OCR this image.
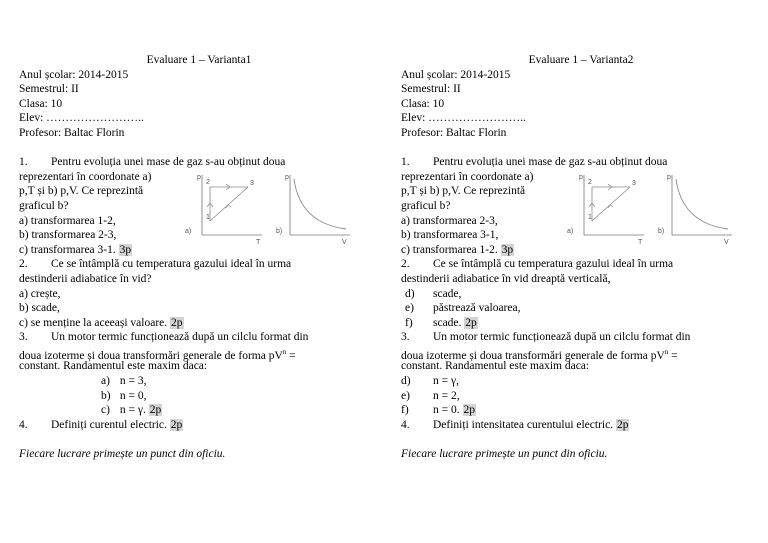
Evaluare 1 – Varianta1
Anul școlar: 2014-2015
Semestrul: II
Clasa: 10
Elev: ……………………..
Profesor: Baltac Florin
1. Pentru evoluția unei mase de gaz s-au obținut doua
reprezentari în coordonate a)
p,T și b) p,V. Ce reprezintă
graficul b?
a) transformarea 1-2,
b) transformarea 2-3,
c) transformarea 3-1. 3p
2. Ce se întâmplă cu temperatura gazului ideal în urma
destinderii adiabatice în vid?
a) crește,
b) scade,
c) se menține la aceeași valoare. 2p
3. Un motor termic funcționează după un cilclu format din
doua izoterme și doua transformări generale de forma $pV^n$ =
constant. Randamentul este maxim daca:
a) n = 3,
b) n = 0,
c) n = γ. 2p
4. Definiți curentul electric. 2p
Fiecare lucrare primește un punct din oficiu.
Evaluare 1 – Varianta2
Anul școlar: 2014-2015
Semestrul: II
Clasa: 10
Elev: ……………………..
Profesor: Baltac Florin
1. Pentru evoluția unei mase de gaz s-au obținut doua
reprezentari în coordonate a)
p,T și b) p,V. Ce reprezintă
graficul b?
a) transformarea 2-3,
b) transformarea 3-1,
c) transformarea 1-2. 3p
2. Ce se întâmplă cu temperatura gazului ideal în urma
destinderii adiabatice în vid dreaptă verticală,
d) scade,
e) păstrează valoarea,
f) scade. 2p
3. Un motor termic funcționează după un cilclu format din
doua izoterme și doua transformări generale de forma $pV^n$ =
constant. Randamentul este maxim daca:
d) n = γ,
e) n = 2,
f) n = 0. 2p
4. Definiți intensitatea curentului electric. 2p
Fiecare lucrare primește un punct din oficiu.
p
T
2	3
1
a)
p
V
b)
p
T
2	3
1
a)
p
V
b)
